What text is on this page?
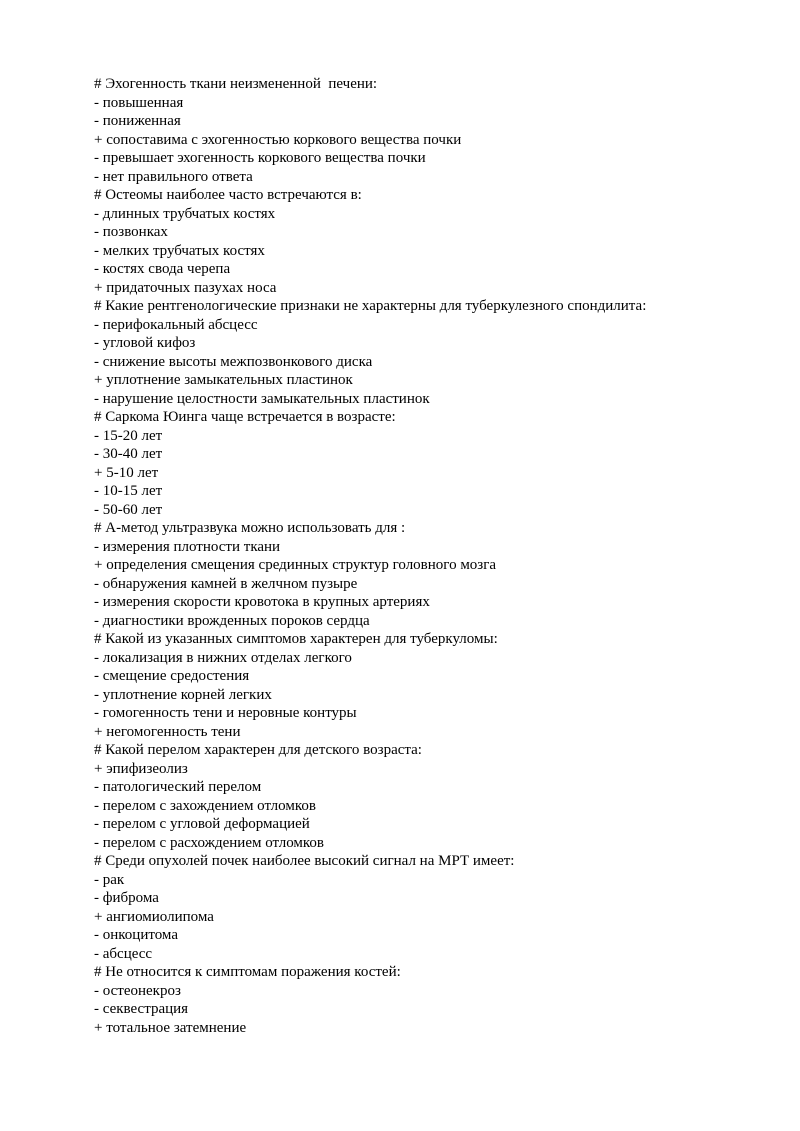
# Эхогенность ткани неизмененной  печени:
- повышенная
- пониженная
+ сопоставима с эхогенностью коркового вещества почки
- превышает эхогенность коркового вещества почки
- нет правильного ответа
# Остеомы наиболее часто встречаются в:
- длинных трубчатых костях
- позвонках
- мелких трубчатых костях
- костях свода черепа
+ придаточных пазухах носа
# Какие рентгенологические признаки не характерны для туберкулезного спондилита:
- перифокальный абсцесс
- угловой кифоз
- снижение высоты межпозвонкового диска
+ уплотнение замыкательных пластинок
- нарушение целостности замыкательных пластинок
# Саркома Юинга чаще встречается в возрасте:
- 15-20 лет
- 30-40 лет
+ 5-10 лет
- 10-15 лет
- 50-60 лет
# А-метод ультразвука можно использовать для :
- измерения плотности ткани
+ определения смещения срединных структур головного мозга
- обнаружения камней в желчном пузыре
- измерения скорости кровотока в крупных артериях
- диагностики врожденных пороков сердца
# Какой из указанных симптомов характерен для туберкуломы:
- локализация в нижних отделах легкого
- смещение средостения
- уплотнение корней легких
- гомогенность тени и неровные контуры
+ негомогенность тени
# Какой перелом характерен для детского возраста:
+ эпифизеолиз
- патологический перелом
- перелом с захождением отломков
- перелом с угловой деформацией
- перелом с расхождением отломков
# Среди опухолей почек наиболее высокий сигнал на МРТ имеет:
- рак
- фиброма
+ ангиомиолипома
- онкоцитома
- абсцесс
# Не относится к симптомам поражения костей:
- остеонекроз
- секвестрация
+ тотальное затемнение
